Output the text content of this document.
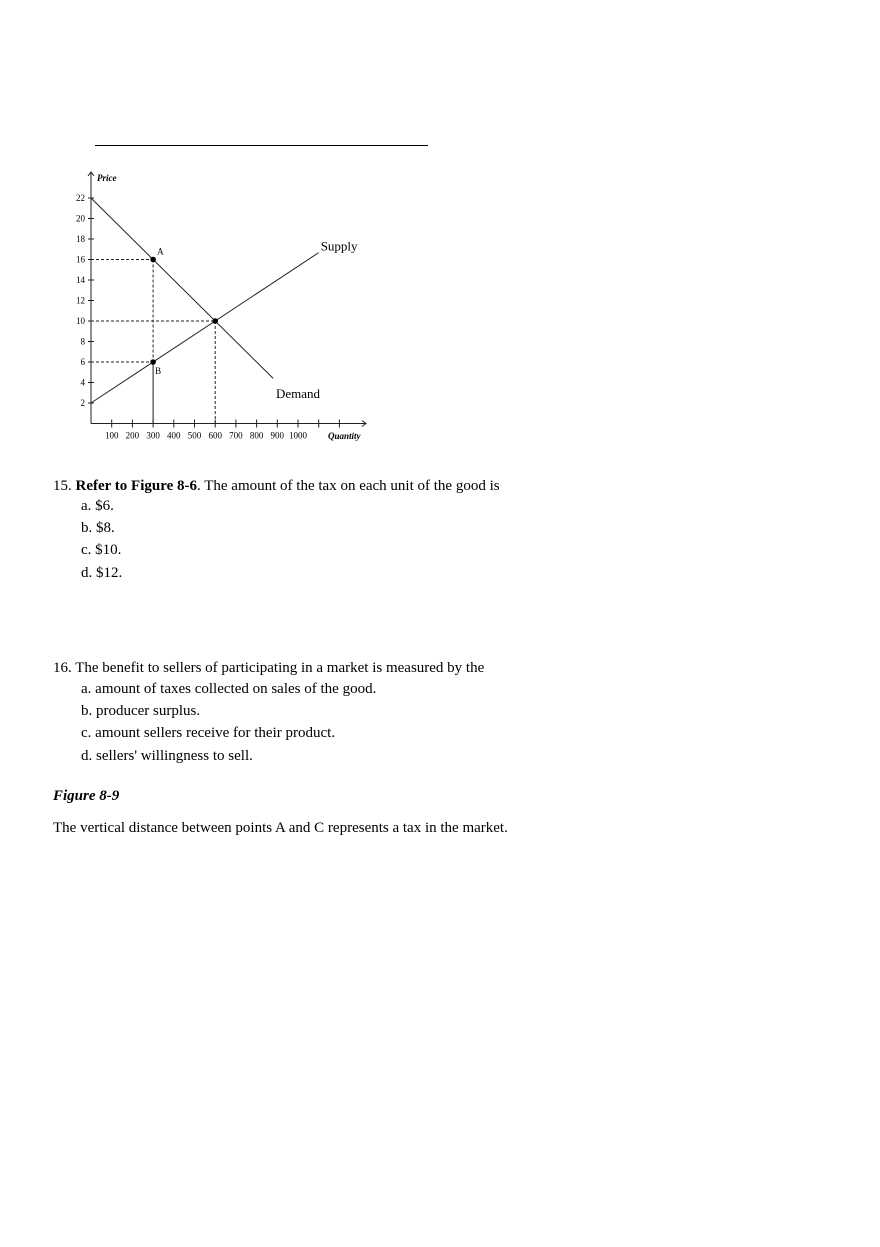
Price
Quantity
2
4
6
8
10
12
14
16
18
20
22
100 200 300 400 500 600 700 800 900 1000
Supply
Demand
A
B
15. Refer to Figure 8-6. The amount of the tax on each unit of the good is
a. $6.
b. $8.
c. $10.
d. $12.
16. The benefit to sellers of participating in a market is measured by the
a. amount of taxes collected on sales of the good.
b. producer surplus.
c. amount sellers receive for their product.
d. sellers' willingness to sell.
Figure 8-9
The vertical distance between points A and C represents a tax in the market.
